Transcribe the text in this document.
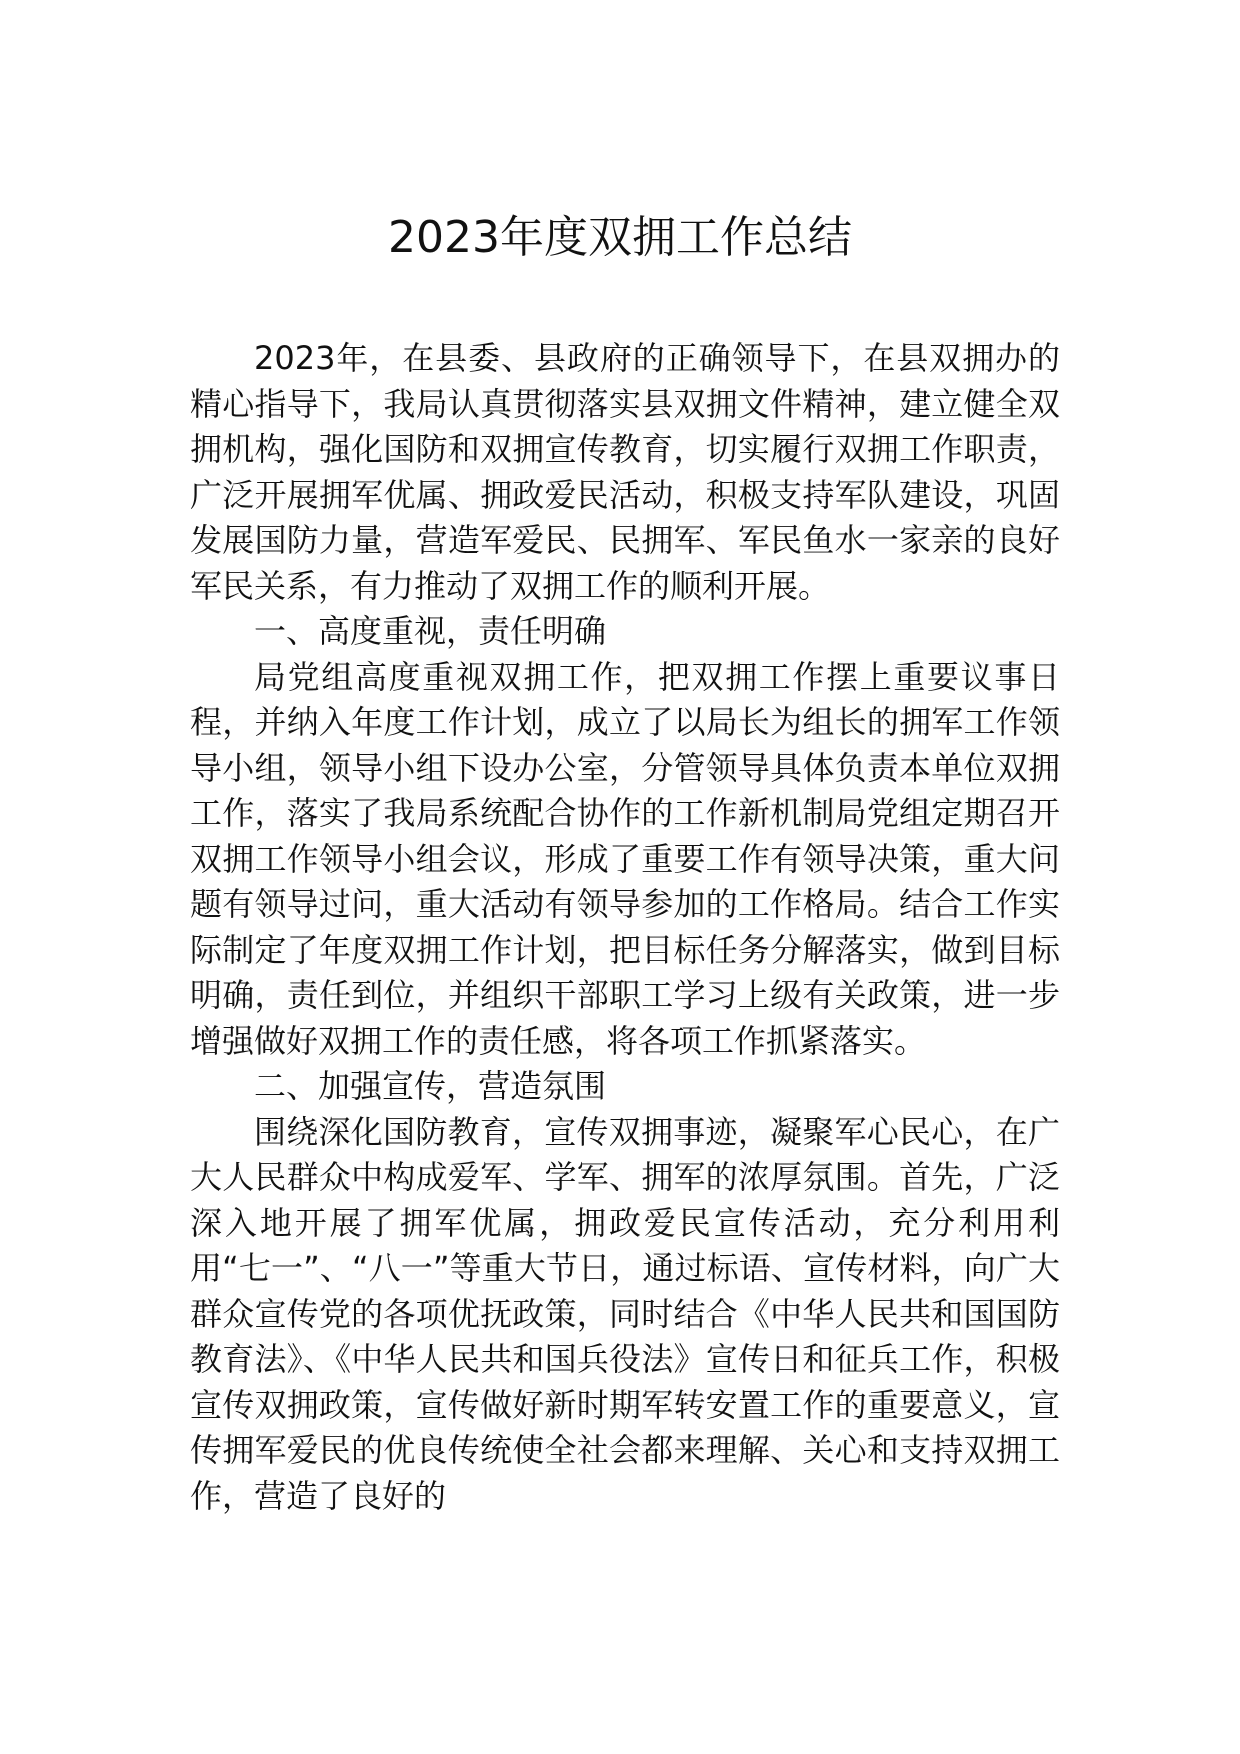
2023年度双拥工作总结

2023年，在县委、县政府的正确领导下，在县双拥办的精心指导下，我局认真贯彻落实县双拥文件精神，建立健全双拥机构，强化国防和双拥宣传教育，切实履行双拥工作职责，广泛开展拥军优属、拥政爱民活动，积极支持军队建设，巩固发展国防力量，营造军爱民、民拥军、军民鱼水一家亲的良好军民关系，有力推动了双拥工作的顺利开展。

一、高度重视，责任明确

局党组高度重视双拥工作，把双拥工作摆上重要议事日程，并纳入年度工作计划，成立了以局长为组长的拥军工作领导小组，领导小组下设办公室，分管领导具体负责本单位双拥工作，落实了我局系统配合协作的工作新机制局党组定期召开双拥工作领导小组会议，形成了重要工作有领导决策，重大问题有领导过问，重大活动有领导参加的工作格局。结合工作实际制定了年度双拥工作计划，把目标任务分解落实，做到目标明确，责任到位，并组织干部职工学习上级有关政策，进一步增强做好双拥工作的责任感，将各项工作抓紧落实。

二、加强宣传，营造氛围

围绕深化国防教育，宣传双拥事迹，凝聚军心民心，在广大人民群众中构成爱军、学军、拥军的浓厚氛围。首先，广泛深入地开展了拥军优属，拥政爱民宣传活动，充分利用利用“七一”、“八一”等重大节日，通过标语、宣传材料，向广大群众宣传党的各项优抚政策，同时结合《中华人民共和国国防教育法》、《中华人民共和国兵役法》宣传日和征兵工作，积极宣传双拥政策，宣传做好新时期军转安置工作的重要意义，宣传拥军爱民的优良传统使全社会都来理解、关心和支持双拥工作，营造了良好的
